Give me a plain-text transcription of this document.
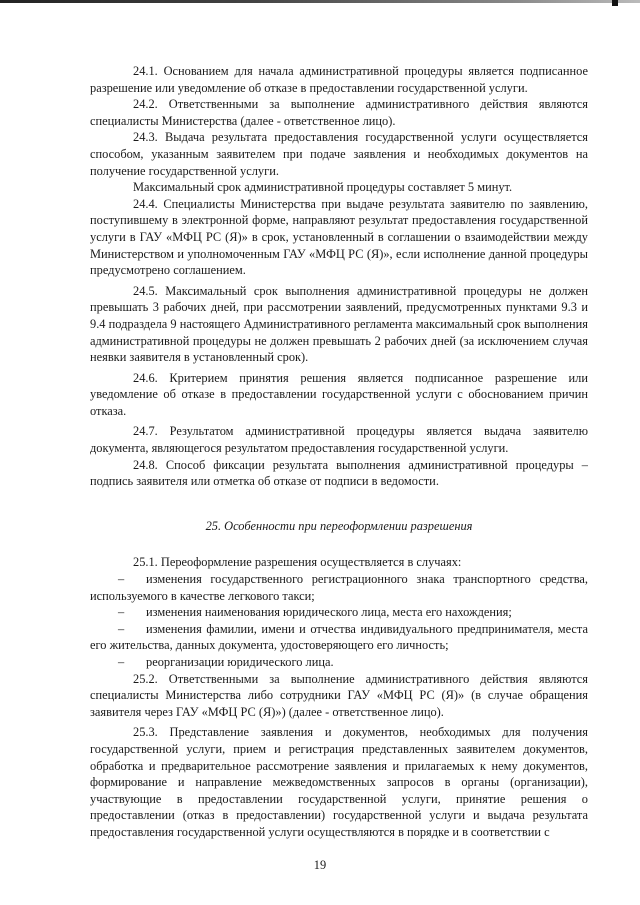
24.1. Основанием для начала административной процедуры является подписанное разрешение или уведомление об отказе в предоставлении государственной услуги.

24.2. Ответственными за выполнение административного действия являются специалисты Министерства (далее - ответственное лицо).

24.3. Выдача результата предоставления государственной услуги осуществляется способом, указанным заявителем при подаче заявления и необходимых документов на получение государственной услуги.

Максимальный срок административной процедуры составляет 5 минут.

24.4. Специалисты Министерства при выдаче результата заявителю по заявлению, поступившему в электронной форме, направляют результат предоставления государственной услуги в ГАУ «МФЦ РС (Я)» в срок, установленный в соглашении о взаимодействии между Министерством и уполномоченным ГАУ «МФЦ РС (Я)», если исполнение данной процедуры предусмотрено соглашением.

24.5. Максимальный срок выполнения административной процедуры не должен превышать 3 рабочих дней, при рассмотрении заявлений, предусмотренных пунктами 9.3 и 9.4 подраздела 9 настоящего Административного регламента максимальный срок выполнения административной процедуры не должен превышать 2 рабочих дней (за исключением случая неявки заявителя в установленный срок).

24.6. Критерием принятия решения является подписанное разрешение или уведомление об отказе в предоставлении государственной услуги с обоснованием причин отказа.

24.7. Результатом административной процедуры является выдача заявителю документа, являющегося результатом предоставления государственной услуги.

24.8. Способ фиксации результата выполнения административной процедуры – подпись заявителя или отметка об отказе от подписи в ведомости.

25. Особенности при переоформлении разрешения

25.1. Переоформление разрешения осуществляется в случаях:

– изменения государственного регистрационного знака транспортного средства, используемого в качестве легкового такси;

– изменения наименования юридического лица, места его нахождения;

– изменения фамилии, имени и отчества индивидуального предпринимателя, места его жительства, данных документа, удостоверяющего его личность;

– реорганизации юридического лица.

25.2. Ответственными за выполнение административного действия являются специалисты Министерства либо сотрудники ГАУ «МФЦ РС (Я)» (в случае обращения заявителя через ГАУ «МФЦ РС (Я)») (далее - ответственное лицо).

25.3. Представление заявления и документов, необходимых для получения государственной услуги, прием и регистрация представленных заявителем документов, обработка и предварительное рассмотрение заявления и прилагаемых к нему документов, формирование и направление межведомственных запросов в органы (организации), участвующие в предоставлении государственной услуги, принятие решения о предоставлении (отказ в предоставлении) государственной услуги и выдача результата предоставления государственной услуги осуществляются в порядке и в соответствии с

19
